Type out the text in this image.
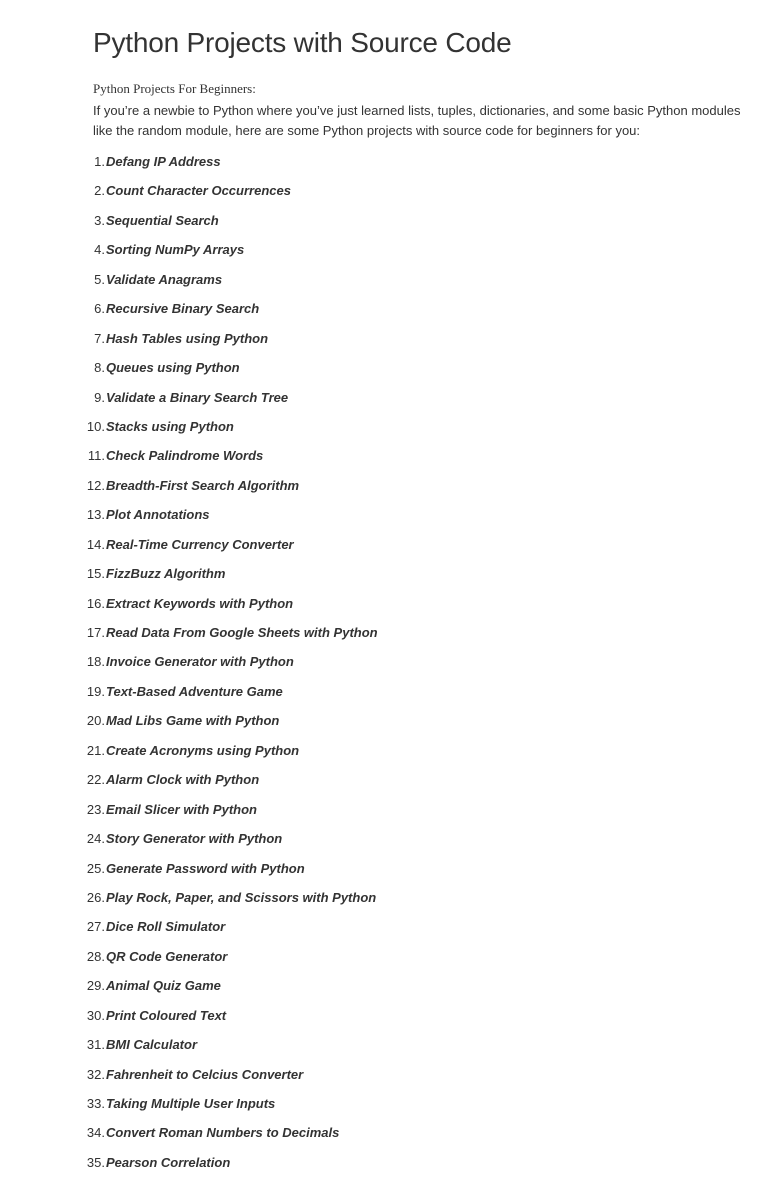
Python Projects with Source Code

Python Projects For Beginners:

If you’re a newbie to Python where you’ve just learned lists, tuples, dictionaries, and some basic Python modules like the random module, here are some Python projects with source code for beginners for you:

1. Defang IP Address
2. Count Character Occurrences
3. Sequential Search
4. Sorting NumPy Arrays
5. Validate Anagrams
6. Recursive Binary Search
7. Hash Tables using Python
8. Queues using Python
9. Validate a Binary Search Tree
10. Stacks using Python
11. Check Palindrome Words
12. Breadth-First Search Algorithm
13. Plot Annotations
14. Real-Time Currency Converter
15. FizzBuzz Algorithm
16. Extract Keywords with Python
17. Read Data From Google Sheets with Python
18. Invoice Generator with Python
19. Text-Based Adventure Game
20. Mad Libs Game with Python
21. Create Acronyms using Python
22. Alarm Clock with Python
23. Email Slicer with Python
24. Story Generator with Python
25. Generate Password with Python
26. Play Rock, Paper, and Scissors with Python
27. Dice Roll Simulator
28. QR Code Generator
29. Animal Quiz Game
30. Print Coloured Text
31. BMI Calculator
32. Fahrenheit to Celcius Converter
33. Taking Multiple User Inputs
34. Convert Roman Numbers to Decimals
35. Pearson Correlation
